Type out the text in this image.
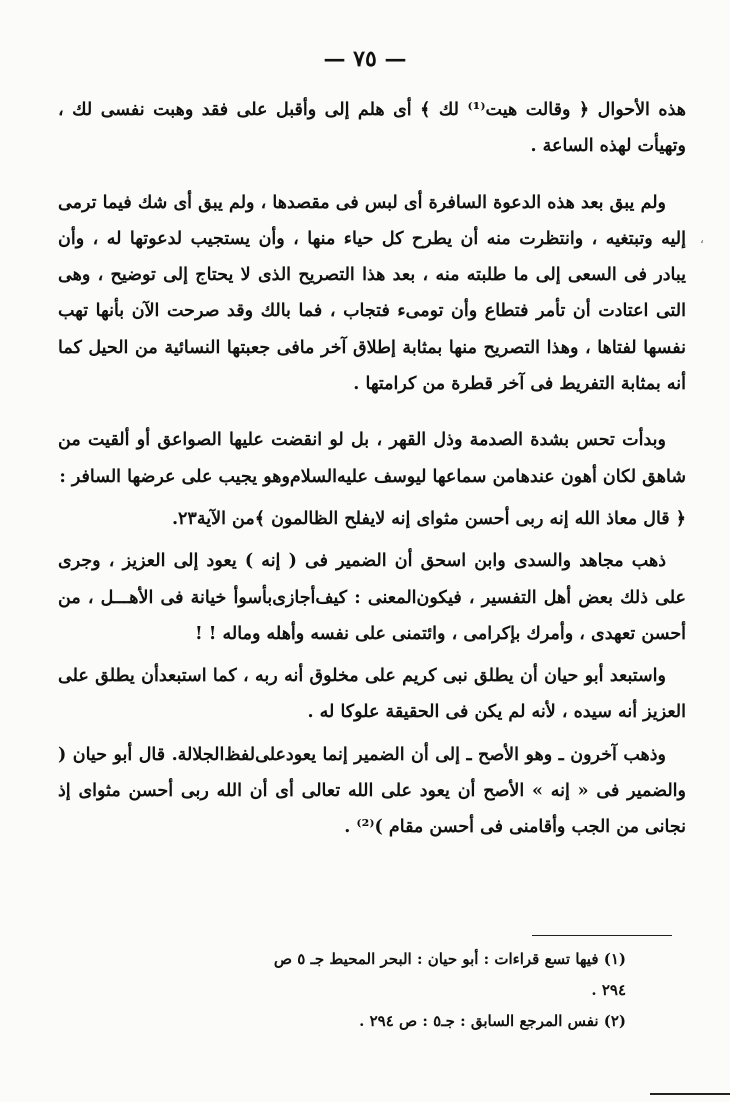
— ٧٥ —

هذه الأحوال ﴿ وقالت هيت⁽¹⁾ لك ﴾ أى هلم إلى وأقبل على فقد وهبت نفسى لك ، وتهيأت لهذه الساعة .

ولم يبق بعد هذه الدعوة السافرة أى لبس فى مقصدها ، ولم يبق أى شك فيما ترمى إليه وتبتغيه ، وانتظرت منه أن يطرح كل حياء منها ، وأن يستجيب لدعوتها له ، وأن يبادر فى السعى إلى ما طلبته منه ، بعد هذا التصريح الذى لا يحتاج إلى توضيح ، وهى التى اعتادت أن تأمر فتطاع وأن تومىء فتجاب ، فما بالك وقد صرحت الآن بأنها تهب نفسها لفتاها ، وهذا التصريح منها بمثابة إطلاق آخر مافى جعبتها النسائية من الحيل كما أنه بمثابة التفريط فى آخر قطرة من كرامتها .

وبدأت تحس بشدة الصدمة وذل القهر ، بل لو انقضت عليها الصواعق أو ألقيت من شاهق لكان أهون عندهامن سماعها ليوسف عليه‌السلام‌وهو يجيب على عرضها السافر :

﴿ قال معاذ الله إنه ربى أحسن مثواى إنه لايفلح الظالمون ﴾من الآية٢٣.

ذهب مجاهد والسدى وابن اسحق أن الضمير فى ( إنه ) يعود إلى العزيز ، وجرى على ذلك بعض أهل التفسير ، فيكون‌المعنى : كيف‌أجازى‌بأسوأ خيانة فى الأهـــل ، من أحسن تعهدى ، وأمرك بإكرامى ، وائتمنى على نفسه وأهله وماله ! !

واستبعد أبو حيان أن يطلق نبى كريم على مخلوق أنه ربه ، كما استبعدأن يطلق على العزيز أنه سيده ، لأنه لم يكن فى الحقيقة علوكا له .

وذهب آخرون ـ وهو الأصح ـ إلى أن الضمير إنما يعودعلى‌لفظ‌الجلالة. قال أبو حيان ( والضمير فى « إنه » الأصح أن يعود على الله تعالى أى أن الله ربى أحسن مثواى إذ نجانى من الجب وأقامنى فى أحسن مقام )⁽²⁾ .

(١) فيها تسع قراءات : أبو حيان : البحر المحيط جـ ٥ ص ٢٩٤ .

(٢) نفس المرجع السابق : جـ٥ : ص ٢٩٤ .

،
